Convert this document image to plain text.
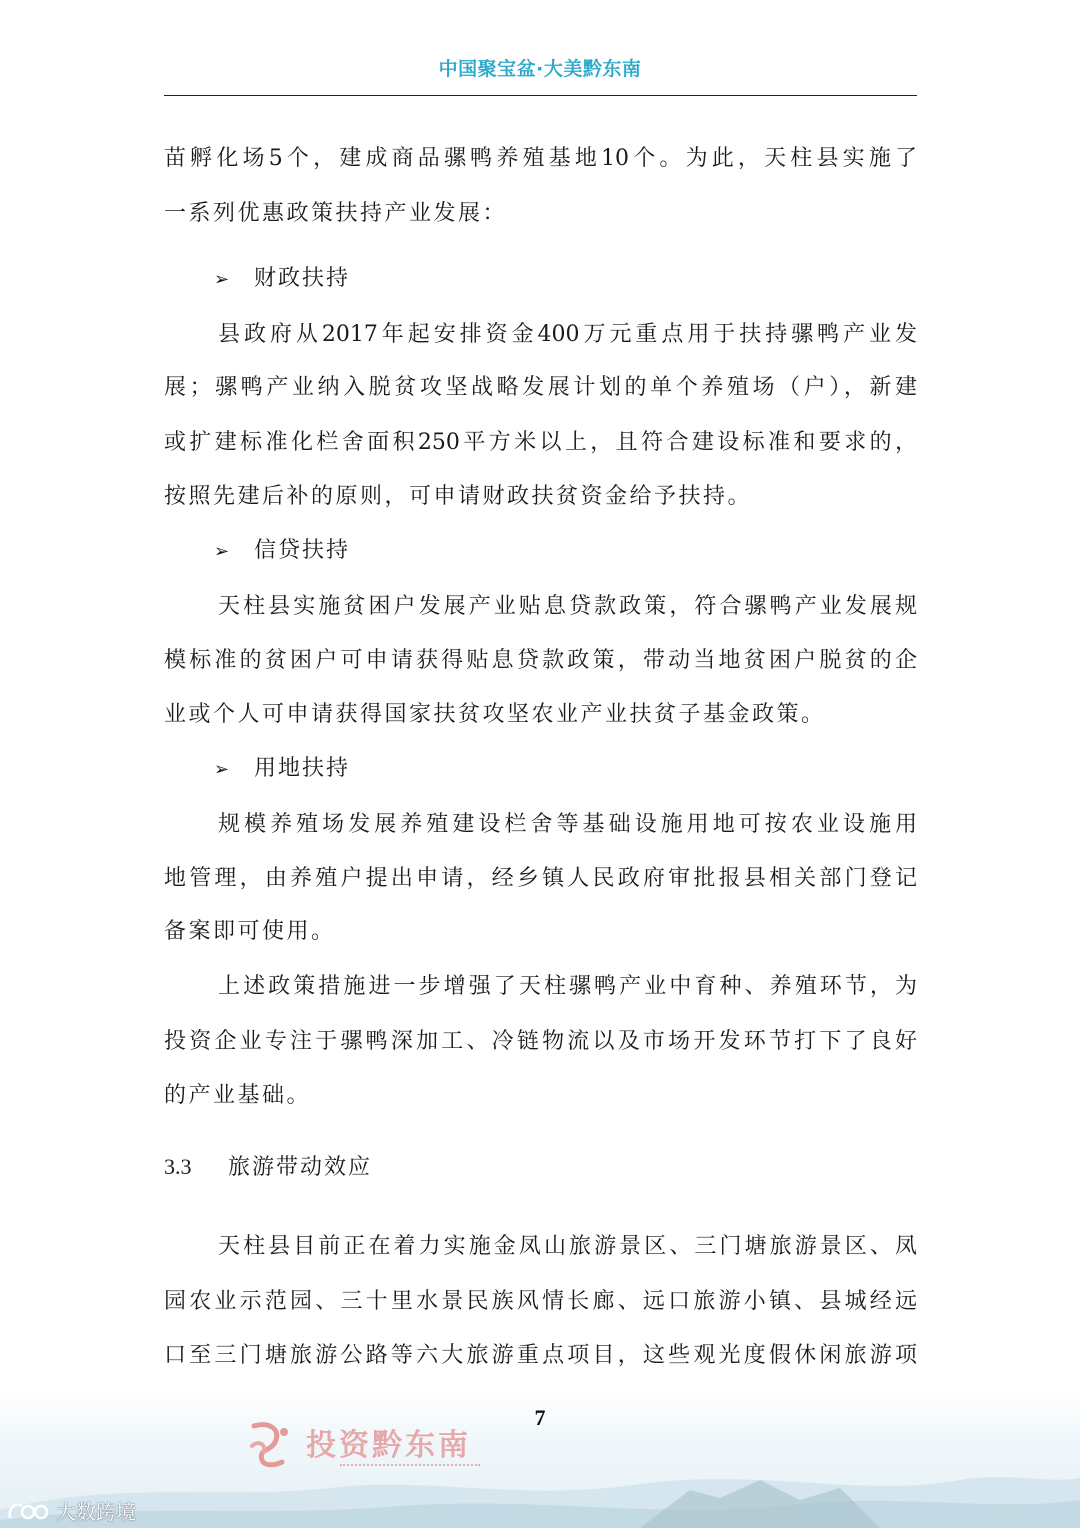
中国聚宝盆·大美黔东南
苗孵化场5个，建成商品骡鸭养殖基地10个。为此，天柱县实施了
一系列优惠政策扶持产业发展：
➢ 财政扶持
县政府从2017年起安排资金400万元重点用于扶持骡鸭产业发
展；骡鸭产业纳入脱贫攻坚战略发展计划的单个养殖场（户），新建
或扩建标准化栏舍面积250平方米以上，且符合建设标准和要求的，
按照先建后补的原则，可申请财政扶贫资金给予扶持。
➢ 信贷扶持
天柱县实施贫困户发展产业贴息贷款政策，符合骡鸭产业发展规
模标准的贫困户可申请获得贴息贷款政策，带动当地贫困户脱贫的企
业或个人可申请获得国家扶贫攻坚农业产业扶贫子基金政策。
➢ 用地扶持
规模养殖场发展养殖建设栏舍等基础设施用地可按农业设施用
地管理，由养殖户提出申请，经乡镇人民政府审批报县相关部门登记
备案即可使用。
上述政策措施进一步增强了天柱骡鸭产业中育种、养殖环节，为
投资企业专注于骡鸭深加工、冷链物流以及市场开发环节打下了良好
的产业基础。
3.3 旅游带动效应
天柱县目前正在着力实施金凤山旅游景区、三门塘旅游景区、凤
园农业示范园、三十里水景民族风情长廊、远口旅游小镇、县城经远
口至三门塘旅游公路等六大旅游重点项目，这些观光度假休闲旅游项
7
投资黔东南
大数跨境
